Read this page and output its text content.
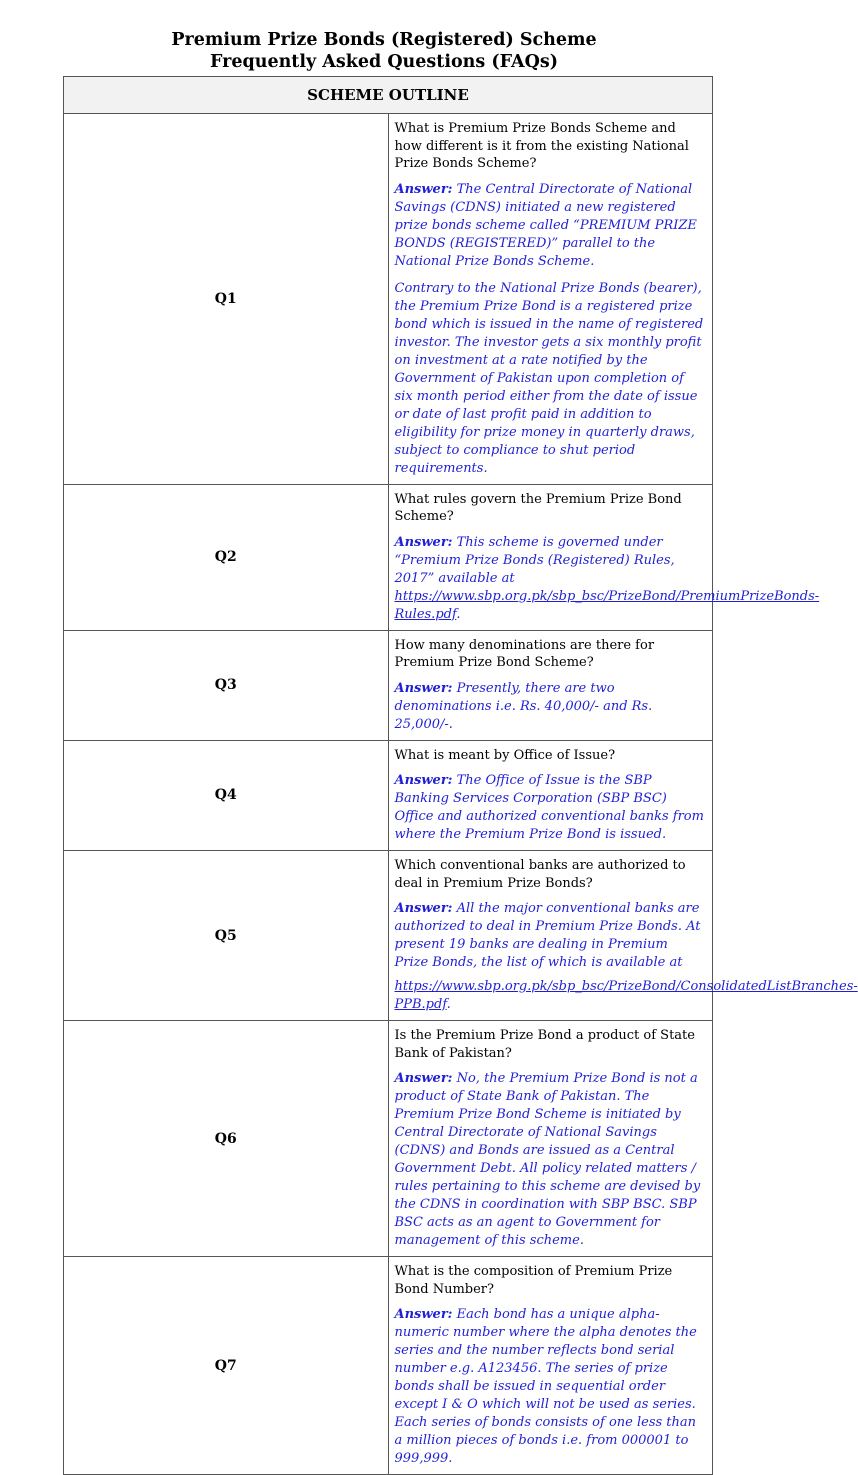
Premium Prize Bonds (Registered) Scheme
Frequently Asked Questions (FAQs)
SCHEME OUTLINE	
Q1	What is Premium Prize Bonds Scheme and how different is it from the existing National Prize Bonds Scheme?

Answer: The Central Directorate of National Savings (CDNS) initiated a new registered prize bonds scheme called “PREMIUM PRIZE BONDS (REGISTERED)” parallel to the National Prize Bonds Scheme.

Contrary to the National Prize Bonds (bearer), the Premium Prize Bond is a registered prize bond which is issued in the name of registered investor. The investor gets a six monthly profit on investment at a rate notified by the Government of Pakistan upon completion of six month period either from the date of issue or date of last profit paid in addition to eligibility for prize money in quarterly draws, subject to compliance to shut period requirements.

Q2	What rules govern the Premium Prize Bond Scheme?

Answer: This scheme is governed under “Premium Prize Bonds (Registered) Rules, 2017” available at https://www.sbp.org.pk/sbp_bsc/PrizeBond/PremiumPrizeBonds-Rules.pdf.

Q3	How many denominations are there for Premium Prize Bond Scheme?

Answer: Presently, there are two denominations i.e. Rs. 40,000/- and Rs. 25,000/-.

Q4	What is meant by Office of Issue?

Answer: The Office of Issue is the SBP Banking Services Corporation (SBP BSC) Office and authorized conventional banks from where the Premium Prize Bond is issued.

Q5	Which conventional banks are authorized to deal in Premium Prize Bonds?

Answer: All the major conventional banks are authorized to deal in Premium Prize Bonds. At present 19 banks are dealing in Premium Prize Bonds, the list of which is available at

https://www.sbp.org.pk/sbp_bsc/PrizeBond/ConsolidatedListBranches-PPB.pdf.

Q6	Is the Premium Prize Bond a product of State Bank of Pakistan?

Answer: No, the Premium Prize Bond is not a product of State Bank of Pakistan. The Premium Prize Bond Scheme is initiated by Central Directorate of National Savings (CDNS) and Bonds are issued as a Central Government Debt. All policy related matters / rules pertaining to this scheme are devised by the CDNS in coordination with SBP BSC. SBP BSC acts as an agent to Government for management of this scheme.

Q7	What is the composition of Premium Prize Bond Number?

Answer: Each bond has a unique alpha-numeric number where the alpha denotes the series and the number reflects bond serial number e.g. A123456. The series of prize bonds shall be issued in sequential order except I & O which will not be used as series. Each series of bonds consists of one less than a million pieces of bonds i.e. from 000001 to 999,999.
